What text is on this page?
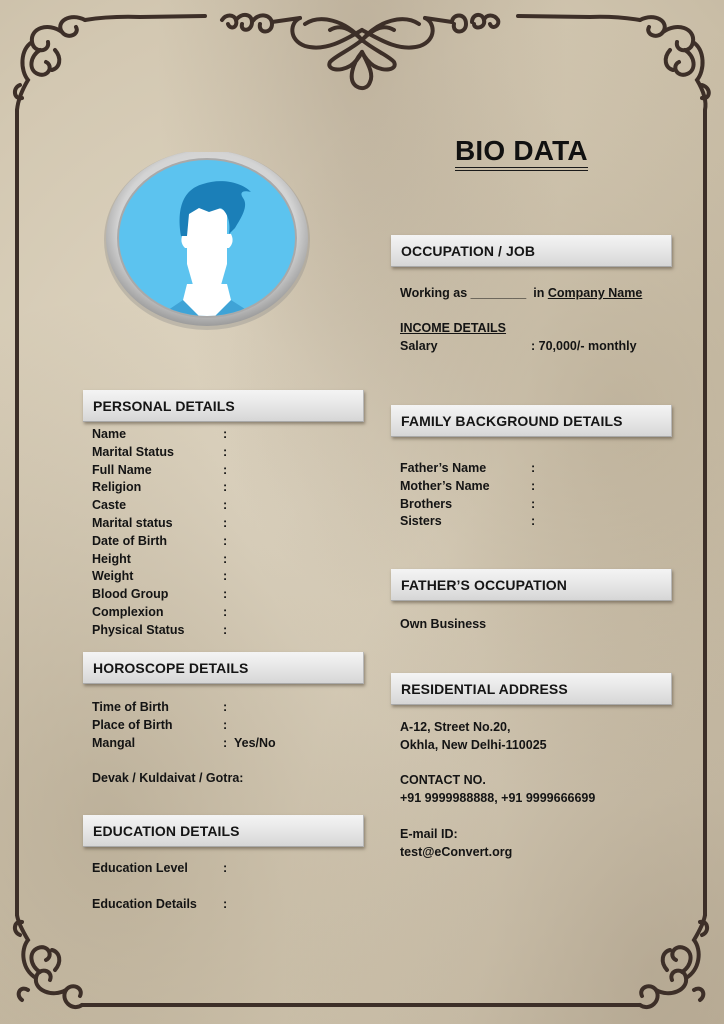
BIO DATA
OCCUPATION / JOB
Working as ________ in Company Name
INCOME DETAILS
Salary	: 70,000/- monthly
FAMILY BACKGROUND DETAILS
Father’s Name	:
Mother’s Name	:
Brothers	:
Sisters	:
FATHER’S OCCUPATION
Own Business
RESIDENTIAL ADDRESS
A-12, Street No.20,
Okhla, New Delhi-110025
CONTACT NO.
+91 9999988888, +91 9999666699
E-mail ID:
test@eConvert.org
PERSONAL DETAILS
Name	:
Marital Status	:
Full Name	:
Religion	:
Caste	:
Marital status	:
Date of Birth	:
Height	:
Weight	:
Blood Group	:
Complexion	:
Physical Status	:
HOROSCOPE DETAILS
Time of Birth	:
Place of Birth	:
Mangal	: Yes/No
Devak / Kuldaivat / Gotra:
EDUCATION DETAILS
Education Level	:
Education Details :
